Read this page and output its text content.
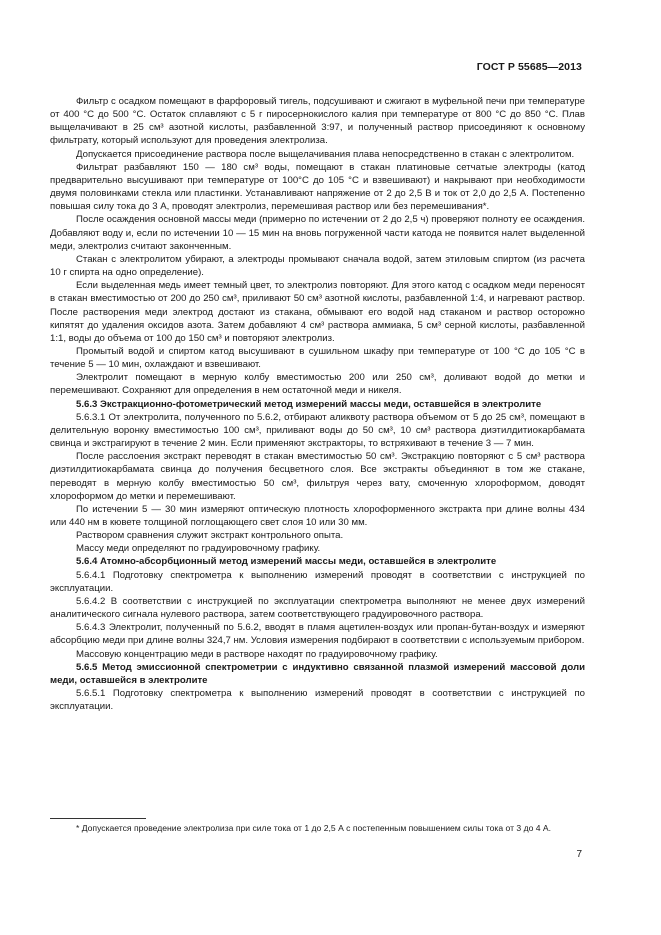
ГОСТ Р 55685—2013

Фильтр с осадком помещают в фарфоровый тигель, подсушивают и сжигают в муфельной печи при температуре от 400 °С до 500 °С. Остаток сплавляют с 5 г пиросернокислого калия при температуре от 800 °С до 850 °С. Плав выщелачивают в 25 см³ азотной кислоты, разбавленной 3:97, и полученный раствор присоединяют к основному фильтрату, который используют для проведения электролиза.

Допускается присоединение раствора после выщелачивания плава непосредственно в стакан с электролитом.

Фильтрат разбавляют 150 — 180 см³ воды, помещают в стакан платиновые сетчатые электроды (катод предварительно высушивают при температуре от 100°С до 105 °С и взвешивают) и накрывают при необходимости двумя половинками стекла или пластинки. Устанавливают напряжение от 2 до 2,5 В и ток от 2,0 до 2,5 А. Постепенно повышая силу тока до 3 А, проводят электролиз, перемешивая раствор или без перемешивания*.

После осаждения основной массы меди (примерно по истечении от 2 до 2,5 ч) проверяют полноту ее осаждения. Добавляют воду и, если по истечении 10 — 15 мин на вновь погруженной части катода не появится налет выделенной меди, электролиз считают законченным.

Стакан с электролитом убирают, а электроды промывают сначала водой, затем этиловым спиртом (из расчета 10 г спирта на одно определение).

Если выделенная медь имеет темный цвет, то электролиз повторяют. Для этого катод с осадком меди переносят в стакан вместимостью от 200 до 250 см³, приливают 50 см³ азотной кислоты, разбавленной 1:4, и нагревают раствор. После растворения меди электрод достают из стакана, обмывают его водой над стаканом и раствор осторожно кипятят до удаления оксидов азота. Затем добавляют 4 см³ раствора аммиака, 5 см³ серной кислоты, разбавленной 1:1, воды до объема от 100 до 150 см³ и повторяют электролиз.

Промытый водой и спиртом катод высушивают в сушильном шкафу при температуре от 100 °С до 105 °С в течение 5 — 10 мин, охлаждают и взвешивают.

Электролит помещают в мерную колбу вместимостью 200 или 250 см³, доливают водой до метки и перемешивают. Сохраняют для определения в нем остаточной меди и никеля.

5.6.3 Экстракционно-фотометрический метод измерений массы меди, оставшейся в электролите

5.6.3.1 От электролита, полученного по 5.6.2, отбирают аликвоту раствора объемом от 5 до 25 см³, помещают в делительную воронку вместимостью 100 см³, приливают воды до 50 см³, 10 см³ раствора диэтилдитиокарбамата свинца и экстрагируют в течение 2 мин. Если применяют экстракторы, то встряхивают в течение 3 — 7 мин.

После расслоения экстракт переводят в стакан вместимостью 50 см³. Экстракцию повторяют с 5 см³ раствора диэтилдитиокарбамата свинца до получения бесцветного слоя. Все экстракты объединяют в том же стакане, переводят в мерную колбу вместимостью 50 см³, фильтруя через вату, смоченную хлороформом, доводят хлороформом до метки и перемешивают.

По истечении 5 — 30 мин измеряют оптическую плотность хлороформенного экстракта при длине волны 434 или 440 нм в кювете толщиной поглощающего свет слоя 10 или 30 мм.

Раствором сравнения служит экстракт контрольного опыта.

Массу меди определяют по градуировочному графику.

5.6.4 Атомно-абсорбционный метод измерений массы меди, оставшейся в электролите

5.6.4.1 Подготовку спектрометра к выполнению измерений проводят в соответствии с инструкцией по эксплуатации.

5.6.4.2 В соответствии с инструкцией по эксплуатации спектрометра выполняют не менее двух измерений аналитического сигнала нулевого раствора, затем соответствующего градуировочного раствора.

5.6.4.3 Электролит, полученный по 5.6.2, вводят в пламя ацетилен-воздух или пропан-бутан-воздух и измеряют абсорбцию меди при длине волны 324,7 нм. Условия измерения подбирают в соответствии с используемым прибором.

Массовую концентрацию меди в растворе находят по градуировочному графику.

5.6.5 Метод эмиссионной спектрометрии с индуктивно связанной плазмой измерений массовой доли меди, оставшейся в электролите

5.6.5.1 Подготовку спектрометра к выполнению измерений проводят в соответствии с инструкцией по эксплуатации.

* Допускается проведение электролиза при силе тока от 1 до 2,5 А с постепенным повышением силы тока от 3 до 4 А.
7
